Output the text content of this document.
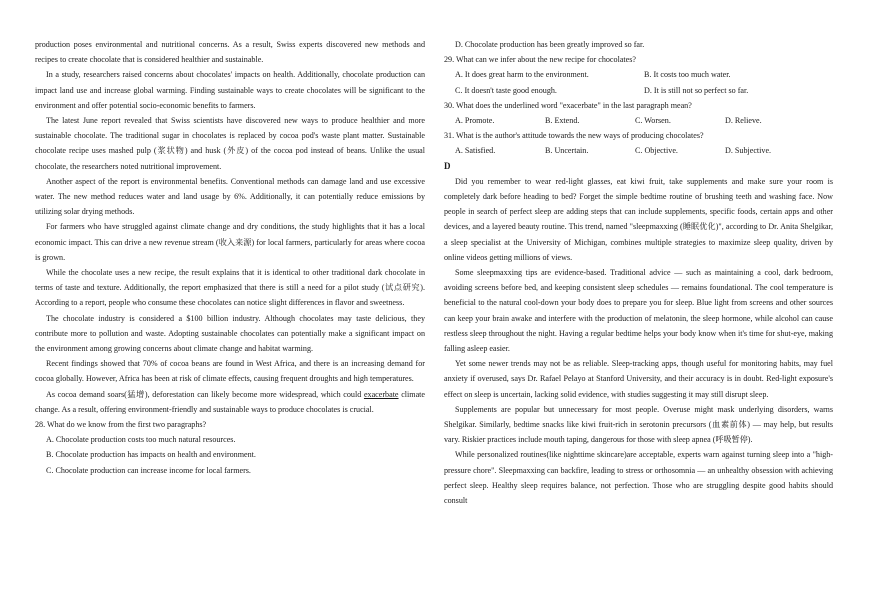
production poses environmental and nutritional concerns. As a result, Swiss experts discovered new methods and recipes to create chocolate that is considered healthier and sustainable.

In a study, researchers raised concerns about chocolates' impacts on health. Additionally, chocolate production can impact land use and increase global warming. Finding sustainable ways to create chocolates will be significant to the environment and offer potential socio-economic benefits to farmers.

The latest June report revealed that Swiss scientists have discovered new ways to produce healthier and more sustainable chocolate. The traditional sugar in chocolates is replaced by cocoa pod's waste plant matter. Sustainable chocolate recipe uses mashed pulp (浆状物) and husk (外皮) of the cocoa pod instead of beans. Unlike the usual chocolate, the researchers noted nutritional improvement.

Another aspect of the report is environmental benefits. Conventional methods can damage land and use excessive water. The new method reduces water and land usage by 6%. Additionally, it can potentially reduce emissions by utilizing solar drying methods.

For farmers who have struggled against climate change and dry conditions, the study highlights that it has a local economic impact. This can drive a new revenue stream (收入来源) for local farmers, particularly for areas where cocoa is grown.

While the chocolate uses a new recipe, the result explains that it is identical to other traditional dark chocolate in terms of taste and texture. Additionally, the report emphasized that there is still a need for a pilot study (试点研究). According to a report, people who consume these chocolates can notice slight differences in flavor and sweetness.

The chocolate industry is considered a $100 billion industry. Although chocolates may taste delicious, they contribute more to pollution and waste. Adopting sustainable chocolates can potentially make a significant impact on the environment among growing concerns about climate change and habitat warming.

Recent findings showed that 70% of cocoa beans are found in West Africa, and there is an increasing demand for cocoa globally. However, Africa has been at risk of climate effects, causing frequent droughts and high temperatures.

As cocoa demand soars(猛增), deforestation can likely become more widespread, which could exacerbate climate change. As a result, offering environment-friendly and sustainable ways to produce chocolates is crucial.

28. What do we know from the first two paragraphs?

A. Chocolate production costs too much natural resources.

B. Chocolate production has impacts on health and environment.

C. Chocolate production can increase income for local farmers.

D. Chocolate production has been greatly improved so far.

29. What can we infer about the new recipe for chocolates?

A. It does great harm to the environment.	B. It costs too much water.
C. It doesn't taste good enough.	D. It is still not so perfect so far.

30. What does the underlined word "exacerbate" in the last paragraph mean?

A. Promote.	B. Extend.	C. Worsen.	D. Relieve.

31. What is the author's attitude towards the new ways of producing chocolates?

A. Satisfied.	B. Uncertain.	C. Objective.	D. Subjective.

D

Did you remember to wear red-light glasses, eat kiwi fruit, take supplements and make sure your room is completely dark before heading to bed? Forget the simple bedtime routine of brushing teeth and washing face. Now people in search of perfect sleep are adding steps that can include supplements, specific foods, certain apps and other devices, and a layered beauty routine. This trend, named "sleepmaxxing (睡眠优化)", according to Dr. Anita Shelgikar, a sleep specialist at the University of Michigan, combines multiple strategies to maximize sleep quality, driven by online videos getting millions of views.

Some sleepmaxxing tips are evidence-based. Traditional advice — such as maintaining a cool, dark bedroom, avoiding screens before bed, and keeping consistent sleep schedules — remains foundational. The cool temperature is beneficial to the natural cool-down your body does to prepare you for sleep. Blue light from screens and other sources can keep your brain awake and interfere with the production of melatonin, the sleep hormone, while alcohol can cause restless sleep throughout the night. Having a regular bedtime helps your body know when it's time for shut-eye, making falling asleep easier.

Yet some newer trends may not be as reliable. Sleep-tracking apps, though useful for monitoring habits, may fuel anxiety if overused, says Dr. Rafael Pelayo at Stanford University, and their accuracy is in doubt. Red-light exposure's effect on sleep is uncertain, lacking solid evidence, with studies suggesting it may still disrupt sleep.

Supplements are popular but unnecessary for most people. Overuse might mask underlying disorders, warns Shelgikar. Similarly, bedtime snacks like kiwi fruit-rich in serotonin precursors (血素前体) — may help, but results vary. Riskier practices include mouth taping, dangerous for those with sleep apnea (呼吸暂停).

While personalized routines(like nighttime skincare)are acceptable, experts warn against turning sleep into a "high-pressure chore". Sleepmaxxing can backfire, leading to stress or orthosomnia — an unhealthy obsession with achieving perfect sleep. Healthy sleep requires balance, not perfection. Those who are struggling despite good habits should consult
